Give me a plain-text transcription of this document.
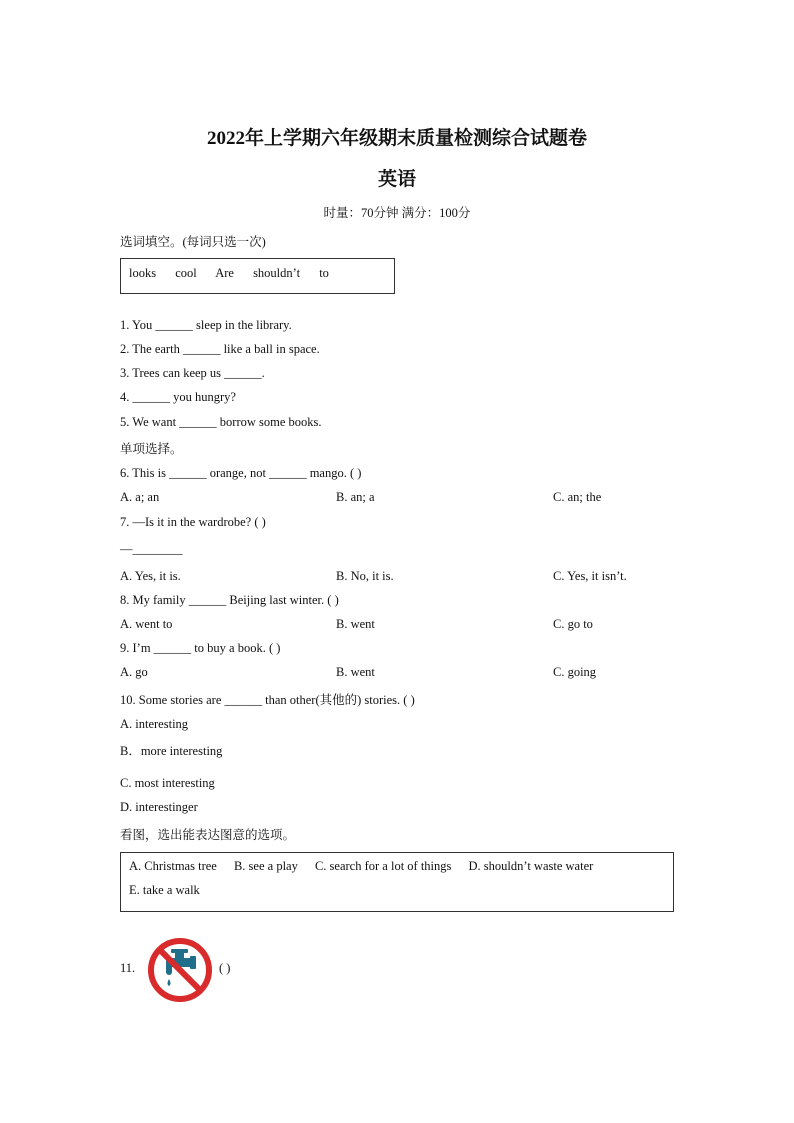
2022年上学期六年级期末质量检测综合试题卷
英语
时量：70分钟 满分：100分
选词填空。(每词只选一次)
looks cool Are shouldn’t to
1. You ______ sleep in the library.
2. The earth ______ like a ball in space.
3. Trees can keep us ______.
4. ______ you hungry?
5. We want ______ borrow some books.
单项选择。
6. This is ______ orange, not ______ mango. ( )
A. a; an	B. an; a	C. an; the
7. —Is it in the wardrobe? ( )
—________
A. Yes, it is.	B. No, it is.	C. Yes, it isn’t.
8. My family ______ Beijing last winter. ( )
A. went to	B. went	C. go to
9. I’m ______ to buy a book. ( )
A. go	B. went	C. going
10. Some stories are ______ than other(其他的) stories. ( )
A. interesting
B．more interesting
C. most interesting
D. interestinger
看图，选出能表达图意的选项。
A. Christmas tree B. see a play C. search for a lot of things D. shouldn’t waste water
E. take a walk
11.	( )
